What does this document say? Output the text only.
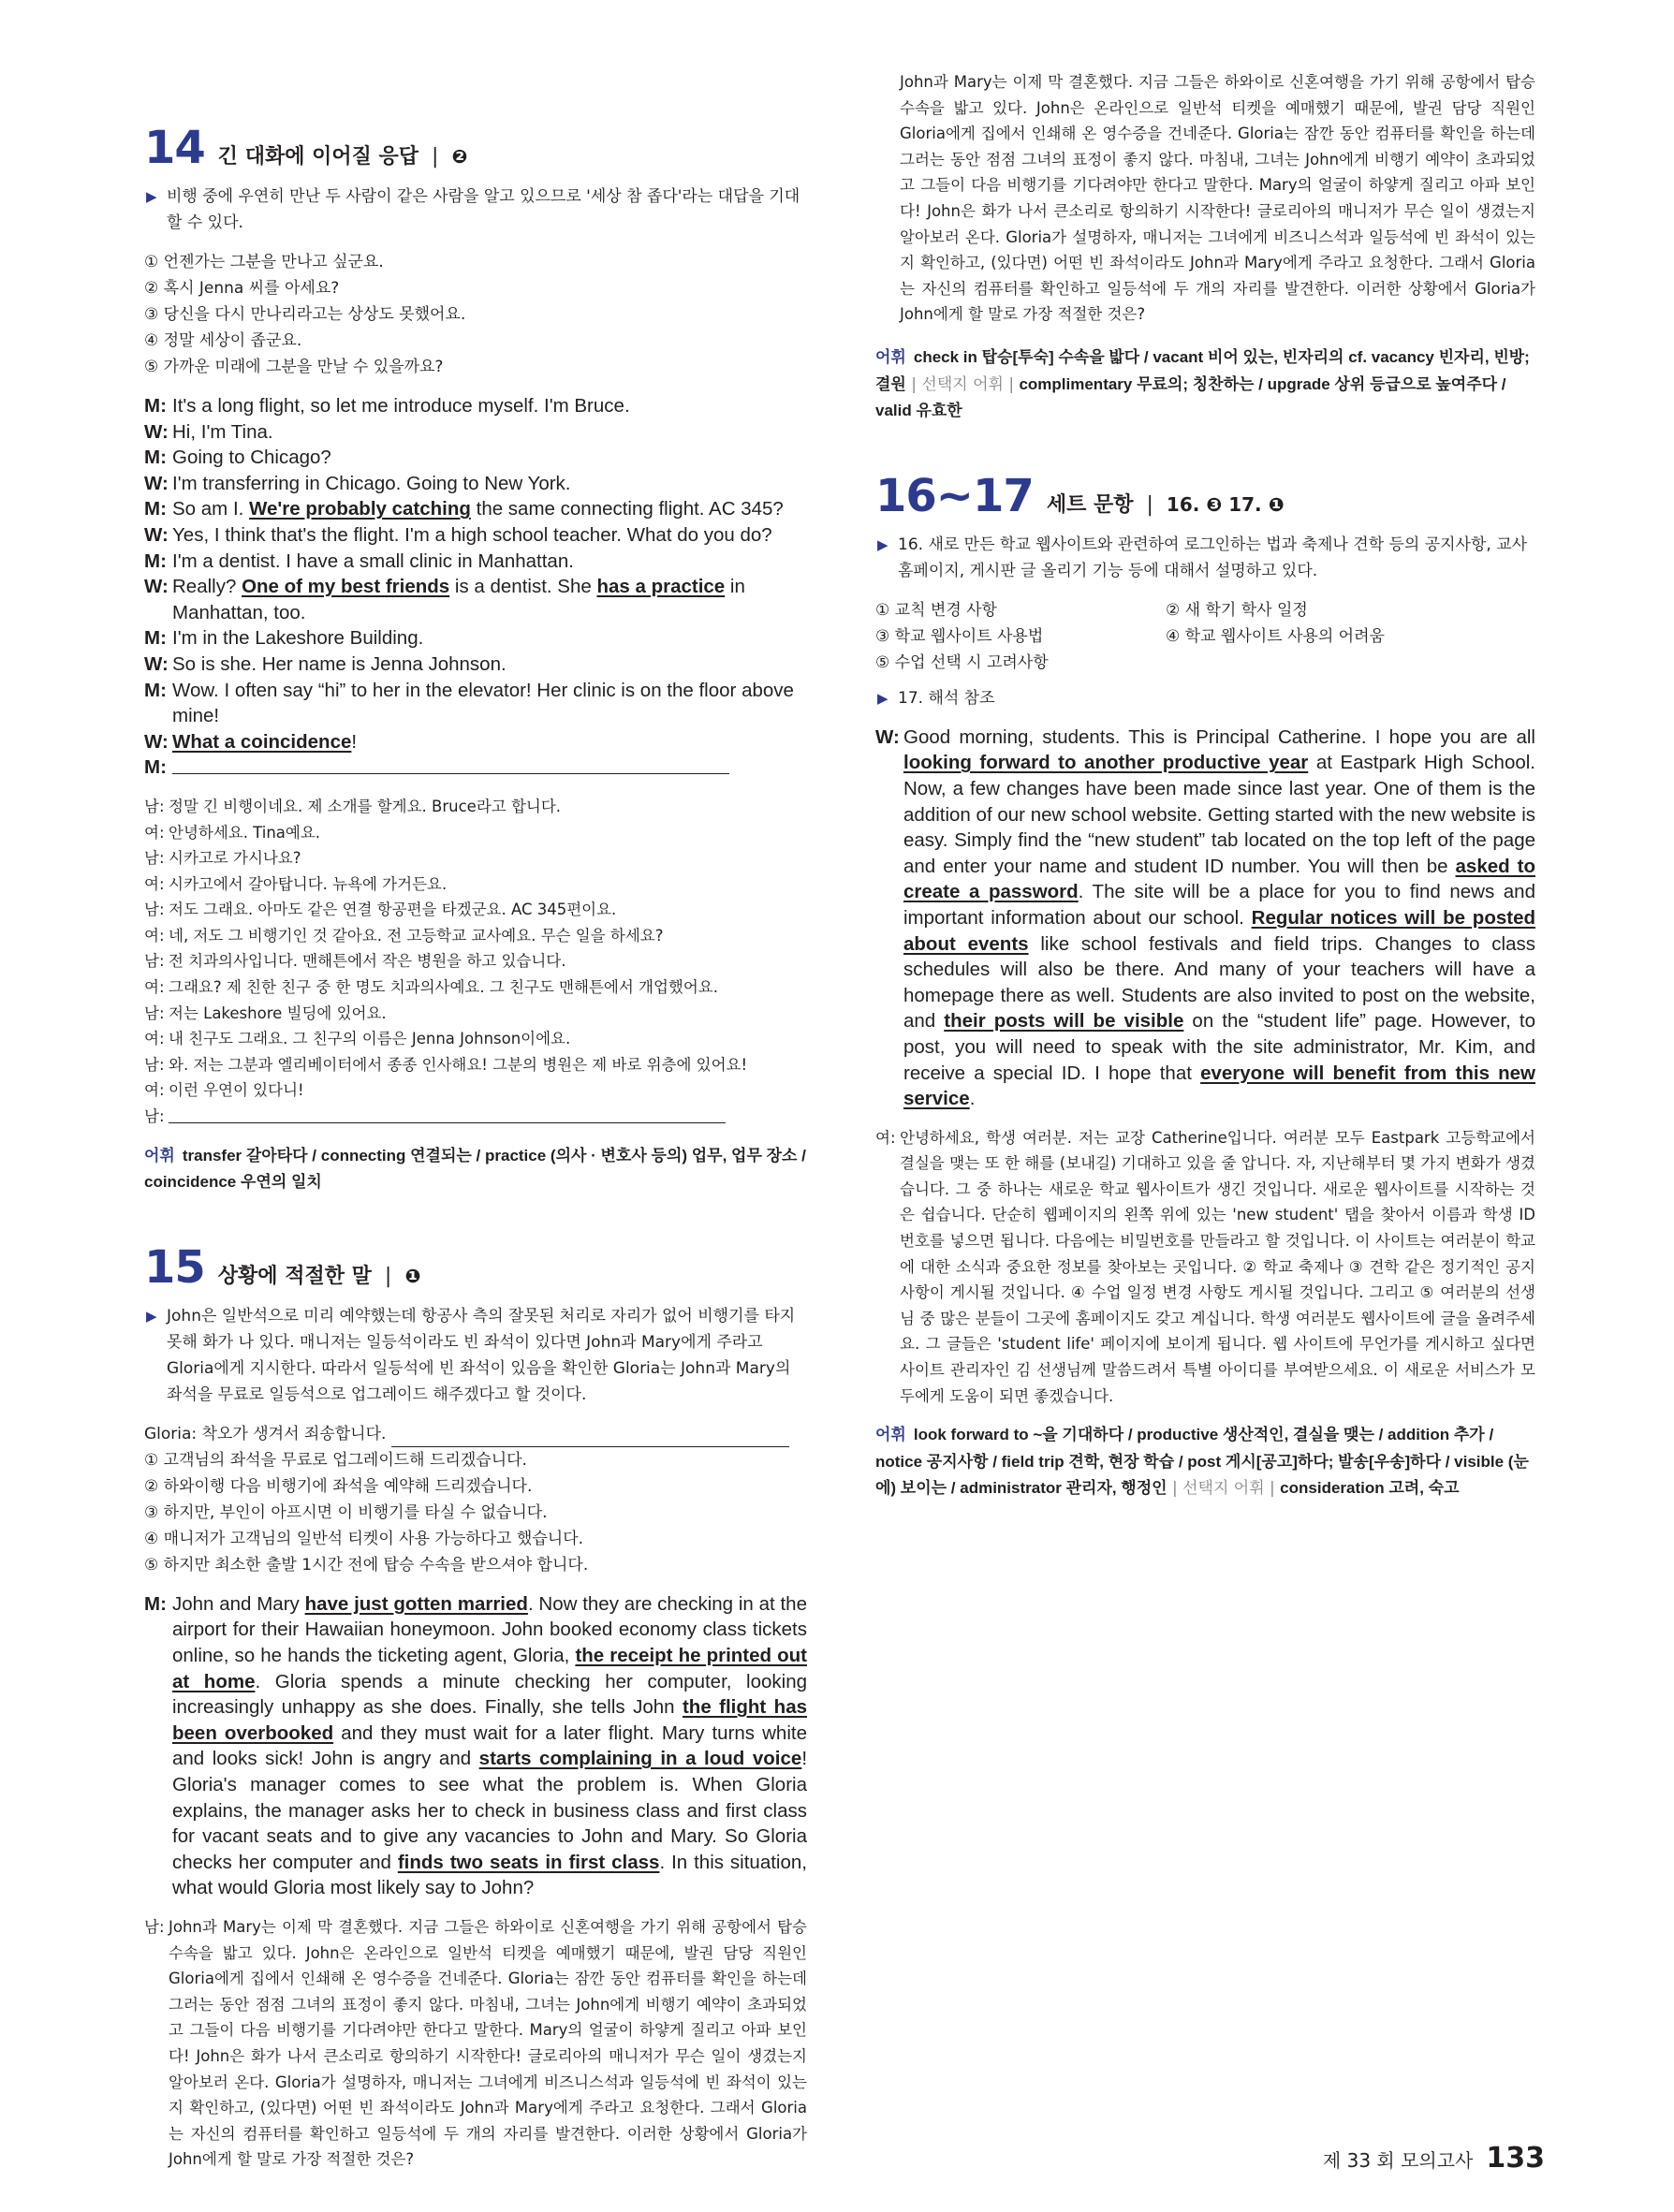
14 긴 대화에 이어질 응답 | ❷
▶ 비행 중에 우연히 만난 두 사람이 같은 사람을 알고 있으므로 '세상 참 좁다'라는 대답을 기대할 수 있다.
① 언젠가는 그분을 만나고 싶군요.
② 혹시 Jenna 씨를 아세요?
③ 당신을 다시 만나리라고는 상상도 못했어요.
④ 정말 세상이 좁군요.
⑤ 가까운 미래에 그분을 만날 수 있을까요?
M: It's a long flight, so let me introduce myself. I'm Bruce.
W: Hi, I'm Tina.
M: Going to Chicago?
W: I'm transferring in Chicago. Going to New York.
M: So am I. We're probably catching the same connecting flight. AC 345?
W: Yes, I think that's the flight. I'm a high school teacher. What do you do?
M: I'm a dentist. I have a small clinic in Manhattan.
W: Really? One of my best friends is a dentist. She has a practice in Manhattan, too.
M: I'm in the Lakeshore Building.
W: So is she. Her name is Jenna Johnson.
M: Wow. I often say “hi” to her in the elevator! Her clinic is on the floor above mine!
W: What a coincidence!
M:
남: 정말 긴 비행이네요. 제 소개를 할게요. Bruce라고 합니다.
여: 안녕하세요. Tina예요.
남: 시카고로 가시나요?
여: 시카고에서 갈아탑니다. 뉴욕에 가거든요.
남: 저도 그래요. 아마도 같은 연결 항공편을 타겠군요. AC 345편이요.
여: 네, 저도 그 비행기인 것 같아요. 전 고등학교 교사예요. 무슨 일을 하세요?
남: 전 치과의사입니다. 맨해튼에서 작은 병원을 하고 있습니다.
여: 그래요? 제 친한 친구 중 한 명도 치과의사예요. 그 친구도 맨해튼에서 개업했어요.
남: 저는 Lakeshore 빌딩에 있어요.
여: 내 친구도 그래요. 그 친구의 이름은 Jenna Johnson이에요.
남: 와. 저는 그분과 엘리베이터에서 종종 인사해요! 그분의 병원은 제 바로 위층에 있어요!
여: 이런 우연이 있다니!
남:
어휘 transfer 갈아타다 / connecting 연결되는 / practice (의사 · 변호사 등의) 업무, 업무 장소 / coincidence 우연의 일치
15 상황에 적절한 말 | ❶
▶ John은 일반석으로 미리 예약했는데 항공사 측의 잘못된 처리로 자리가 없어 비행기를 타지 못해 화가 나 있다. 매니저는 일등석이라도 빈 좌석이 있다면 John과 Mary에게 주라고 Gloria에게 지시한다. 따라서 일등석에 빈 좌석이 있음을 확인한 Gloria는 John과 Mary의 좌석을 무료로 일등석으로 업그레이드 해주겠다고 할 것이다.
Gloria: 착오가 생겨서 죄송합니다.
① 고객님의 좌석을 무료로 업그레이드해 드리겠습니다.
② 하와이행 다음 비행기에 좌석을 예약해 드리겠습니다.
③ 하지만, 부인이 아프시면 이 비행기를 타실 수 없습니다.
④ 매니저가 고객님의 일반석 티켓이 사용 가능하다고 했습니다.
⑤ 하지만 최소한 출발 1시간 전에 탑승 수속을 받으셔야 합니다.
M: John and Mary have just gotten married. Now they are checking in at the airport for their Hawaiian honeymoon. John booked economy class tickets online, so he hands the ticketing agent, Gloria, the receipt he printed out at home. Gloria spends a minute checking her computer, looking increasingly unhappy as she does. Finally, she tells John the flight has been overbooked and they must wait for a later flight. Mary turns white and looks sick! John is angry and starts complaining in a loud voice! Gloria's manager comes to see what the problem is. When Gloria explains, the manager asks her to check in business class and first class for vacant seats and to give any vacancies to John and Mary. So Gloria checks her computer and finds two seats in first class. In this situation, what would Gloria most likely say to John?
남: John과 Mary는 이제 막 결혼했다. 지금 그들은 하와이로 신혼여행을 가기 위해 공항에서 탑승 수속을 밟고 있다. John은 온라인으로 일반석 티켓을 예매했기 때문에, 발권 담당 직원인 Gloria에게 집에서 인쇄해 온 영수증을 건네준다. Gloria는 잠깐 동안 컴퓨터를 확인을 하는데 그러는 동안 점점 그녀의 표정이 좋지 않다. 마침내, 그녀는 John에게 비행기 예약이 초과되었고 그들이 다음 비행기를 기다려야만 한다고 말한다. Mary의 얼굴이 하얗게 질리고 아파 보인다! John은 화가 나서 큰소리로 항의하기 시작한다! 글로리아의 매니저가 무슨 일이 생겼는지 알아보러 온다. Gloria가 설명하자, 매니저는 그녀에게 비즈니스석과 일등석에 빈 좌석이 있는지 확인하고, (있다면) 어떤 빈 좌석이라도 John과 Mary에게 주라고 요청한다. 그래서 Gloria는 자신의 컴퓨터를 확인하고 일등석에 두 개의 자리를 발견한다. 이러한 상황에서 Gloria가 John에게 할 말로 가장 적절한 것은?
John과 Mary는 이제 막 결혼했다. 지금 그들은 하와이로 신혼여행을 가기 위해 공항에서 탑승 수속을 밟고 있다. John은 온라인으로 일반석 티켓을 예매했기 때문에, 발권 담당 직원인 Gloria에게 집에서 인쇄해 온 영수증을 건네준다. Gloria는 잠깐 동안 컴퓨터를 확인을 하는데 그러는 동안 점점 그녀의 표정이 좋지 않다. 마침내, 그녀는 John에게 비행기 예약이 초과되었고 그들이 다음 비행기를 기다려야만 한다고 말한다. Mary의 얼굴이 하얗게 질리고 아파 보인다! John은 화가 나서 큰소리로 항의하기 시작한다! 글로리아의 매니저가 무슨 일이 생겼는지 알아보러 온다. Gloria가 설명하자, 매니저는 그녀에게 비즈니스석과 일등석에 빈 좌석이 있는지 확인하고, (있다면) 어떤 빈 좌석이라도 John과 Mary에게 주라고 요청한다. 그래서 Gloria는 자신의 컴퓨터를 확인하고 일등석에 두 개의 자리를 발견한다. 이러한 상황에서 Gloria가 John에게 할 말로 가장 적절한 것은?
어휘 check in 탑승[투숙] 수속을 밟다 / vacant 비어 있는, 빈자리의 cf. vacancy 빈자리, 빈방; 결원 | 선택지 어휘 | complimentary 무료의; 칭찬하는 / upgrade 상위 등급으로 높여주다 / valid 유효한
16~17 세트 문항 | 16. ❸ 17. ❶
▶ 16. 새로 만든 학교 웹사이트와 관련하여 로그인하는 법과 축제나 견학 등의 공지사항, 교사 홈페이지, 게시판 글 올리기 기능 등에 대해서 설명하고 있다.
① 교칙 변경 사항	② 새 학기 학사 일정
③ 학교 웹사이트 사용법	④ 학교 웹사이트 사용의 어려움
⑤ 수업 선택 시 고려사항
▶ 17. 해석 참조
W: Good morning, students. This is Principal Catherine. I hope you are all looking forward to another productive year at Eastpark High School. Now, a few changes have been made since last year. One of them is the addition of our new school website. Getting started with the new website is easy. Simply find the “new student” tab located on the top left of the page and enter your name and student ID number. You will then be asked to create a password. The site will be a place for you to find news and important information about our school. Regular notices will be posted about events like school festivals and field trips. Changes to class schedules will also be there. And many of your teachers will have a homepage there as well. Students are also invited to post on the website, and their posts will be visible on the “student life” page. However, to post, you will need to speak with the site administrator, Mr. Kim, and receive a special ID. I hope that everyone will benefit from this new service.
여: 안녕하세요, 학생 여러분. 저는 교장 Catherine입니다. 여러분 모두 Eastpark 고등학교에서 결실을 맺는 또 한 해를 (보내길) 기대하고 있을 줄 압니다. 자, 지난해부터 몇 가지 변화가 생겼습니다. 그 중 하나는 새로운 학교 웹사이트가 생긴 것입니다. 새로운 웹사이트를 시작하는 것은 쉽습니다. 단순히 웹페이지의 왼쪽 위에 있는 'new student' 탭을 찾아서 이름과 학생 ID 번호를 넣으면 됩니다. 다음에는 비밀번호를 만들라고 할 것입니다. 이 사이트는 여러분이 학교에 대한 소식과 중요한 정보를 찾아보는 곳입니다. ② 학교 축제나 ③ 견학 같은 정기적인 공지사항이 게시될 것입니다. ④ 수업 일정 변경 사항도 게시될 것입니다. 그리고 ⑤ 여러분의 선생님 중 많은 분들이 그곳에 홈페이지도 갖고 계십니다. 학생 여러분도 웹사이트에 글을 올려주세요. 그 글들은 'student life' 페이지에 보이게 됩니다. 웹 사이트에 무언가를 게시하고 싶다면 사이트 관리자인 김 선생님께 말씀드려서 특별 아이디를 부여받으세요. 이 새로운 서비스가 모두에게 도움이 되면 좋겠습니다.
어휘 look forward to ~을 기대하다 / productive 생산적인, 결실을 맺는 / addition 추가 / notice 공지사항 / field trip 견학, 현장 학습 / post 게시[공고]하다; 발송[우송]하다 / visible (눈에) 보이는 / administrator 관리자, 행정인 | 선택지 어휘 | consideration 고려, 숙고
제 33 회 모의고사 133
